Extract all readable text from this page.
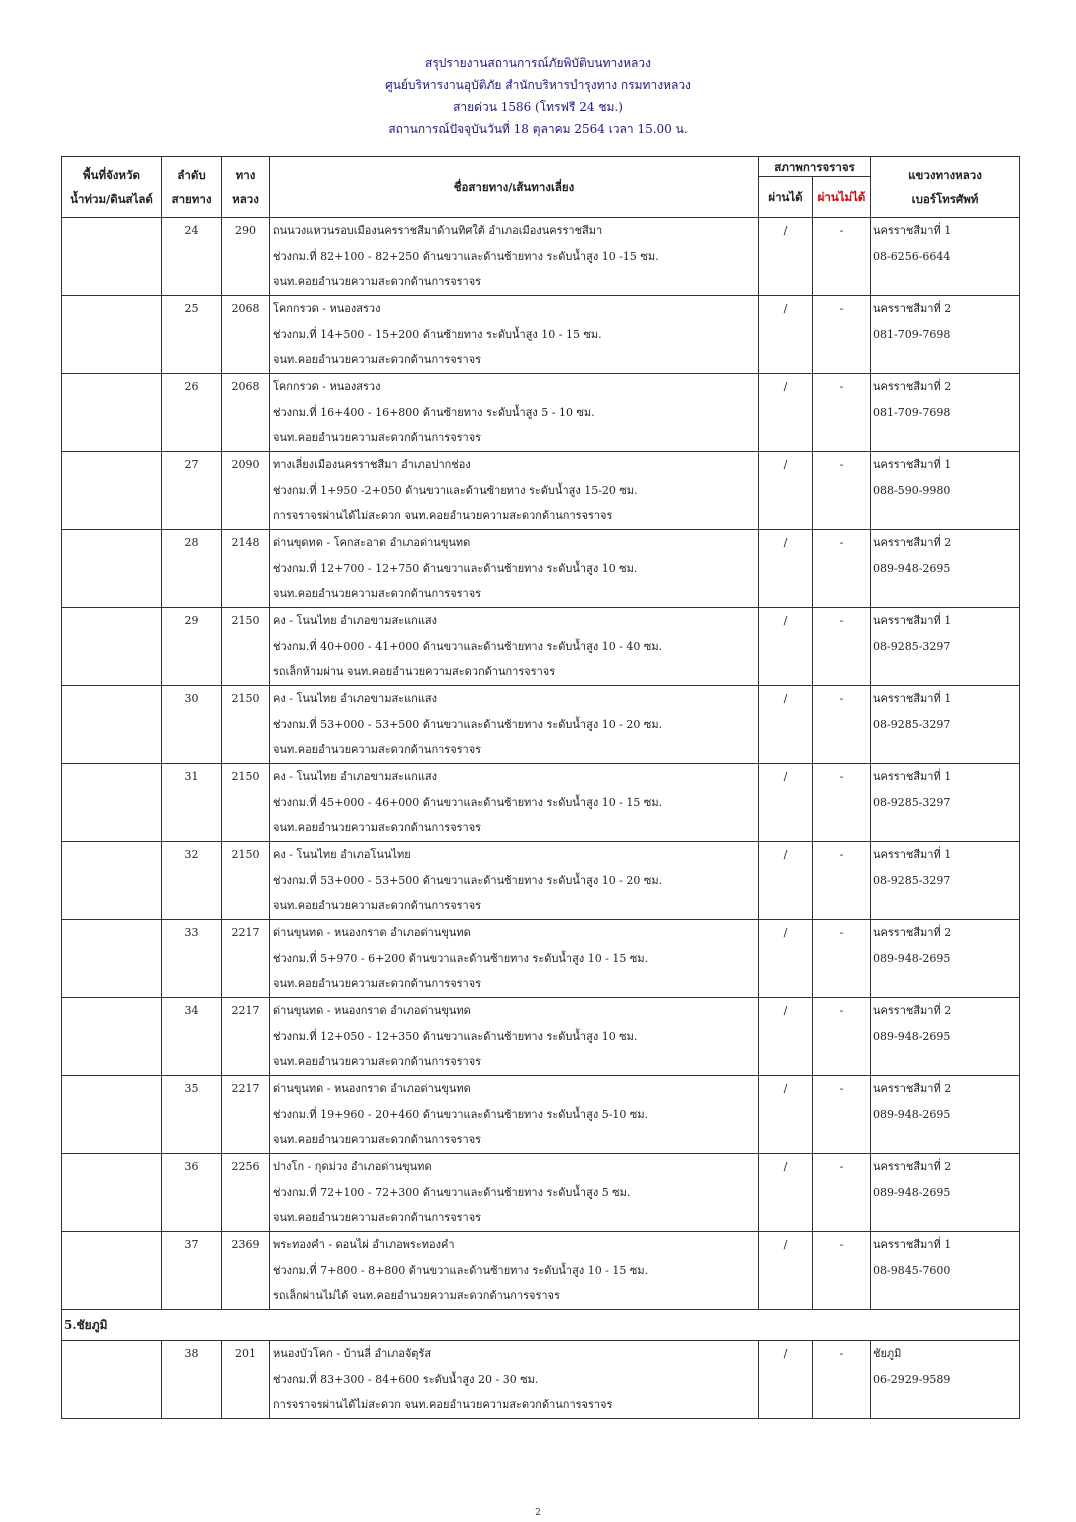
สรุปรายงานสถานการณ์ภัยพิบัติบนทางหลวง
ศูนย์บริหารงานอุบัติภัย สำนักบริหารบำรุงทาง กรมทางหลวง
สายด่วน 1586 (โทรฟรี 24 ชม.)
สถานการณ์ปัจจุบันวันที่ 18 ตุลาคม 2564 เวลา 15.00 น.
พื้นที่จังหวัด
น้ำท่วม/ดินสไลด์	ลำดับ
สายทาง	ทาง
หลวง	ชื่อสายทาง/เส้นทางเลี่ยง	สภาพการจราจร		แขวงทางหลวง
เบอร์โทรศัพท์

				ผ่านได้	ผ่านไม่ได้	

	24	290	ถนนวงแหวนรอบเมืองนครราชสีมาด้านทิศใต้ อำเภอเมืองนครราชสีมา
ช่วงกม.ที่ 82+100 - 82+250 ด้านขวาและด้านซ้ายทาง ระดับน้ำสูง 10 -15 ซม.
จนท.คอยอำนวยความสะดวกด้านการจราจร	/	-	นครราชสีมาที่ 1
08-6256-6644

	25	2068	โคกกรวด - หนองสรวง
ช่วงกม.ที่ 14+500 - 15+200 ด้านซ้ายทาง ระดับน้ำสูง 10 - 15 ซม.
จนท.คอยอำนวยความสะดวกด้านการจราจร	/	-	นครราชสีมาที่ 2
081-709-7698

	26	2068	โคกกรวด - หนองสรวง
ช่วงกม.ที่ 16+400 - 16+800 ด้านซ้ายทาง ระดับน้ำสูง 5 - 10 ซม.
จนท.คอยอำนวยความสะดวกด้านการจราจร	/	-	นครราชสีมาที่ 2
081-709-7698

	27	2090	ทางเลี่ยงเมืองนครราชสีมา อำเภอปากช่อง
ช่วงกม.ที่ 1+950 -2+050 ด้านขวาและด้านซ้ายทาง ระดับน้ำสูง 15-20 ซม.
การจราจรผ่านได้ไม่สะดวก จนท.คอยอำนวยความสะดวกด้านการจราจร	/	-	นครราชสีมาที่ 1
088-590-9980

	28	2148	ด่านขุดทด - โคกสะอาด อำเภอด่านขุนทด
ช่วงกม.ที่ 12+700 - 12+750 ด้านขวาและด้านซ้ายทาง ระดับน้ำสูง 10 ซม.
จนท.คอยอำนวยความสะดวกด้านการจราจร	/	-	นครราชสีมาที่ 2
089-948-2695

	29	2150	คง - โนนไทย อำเภอขามสะแกแสง
ช่วงกม.ที่ 40+000 - 41+000 ด้านขวาและด้านซ้ายทาง ระดับน้ำสูง 10 - 40 ซม.
รถเล็กห้ามผ่าน จนท.คอยอำนวยความสะดวกด้านการจราจร	/	-	นครราชสีมาที่ 1
08-9285-3297

	30	2150	คง - โนนไทย อำเภอขามสะแกแสง
ช่วงกม.ที่ 53+000 - 53+500 ด้านขวาและด้านซ้ายทาง ระดับน้ำสูง 10 - 20 ซม.
จนท.คอยอำนวยความสะดวกด้านการจราจร	/	-	นครราชสีมาที่ 1
08-9285-3297

	31	2150	คง - โนนไทย อำเภอขามสะแกแสง
ช่วงกม.ที่ 45+000 - 46+000 ด้านขวาและด้านซ้ายทาง ระดับน้ำสูง 10 - 15 ซม.
จนท.คอยอำนวยความสะดวกด้านการจราจร	/	-	นครราชสีมาที่ 1
08-9285-3297

	32	2150	คง - โนนไทย อำเภอโนนไทย
ช่วงกม.ที่ 53+000 - 53+500 ด้านขวาและด้านซ้ายทาง ระดับน้ำสูง 10 - 20 ซม.
จนท.คอยอำนวยความสะดวกด้านการจราจร	/	-	นครราชสีมาที่ 1
08-9285-3297

	33	2217	ด่านขุนทด - หนองกราด อำเภอด่านขุนทด
ช่วงกม.ที่ 5+970 - 6+200 ด้านขวาและด้านซ้ายทาง ระดับน้ำสูง 10 - 15 ซม.
จนท.คอยอำนวยความสะดวกด้านการจราจร	/	-	นครราชสีมาที่ 2
089-948-2695

	34	2217	ด่านขุนทด - หนองกราด อำเภอด่านขุนทด
ช่วงกม.ที่ 12+050 - 12+350 ด้านขวาและด้านซ้ายทาง ระดับน้ำสูง 10 ซม.
จนท.คอยอำนวยความสะดวกด้านการจราจร	/	-	นครราชสีมาที่ 2
089-948-2695

	35	2217	ด่านขุนทด - หนองกราด อำเภอด่านขุนทด
ช่วงกม.ที่ 19+960 - 20+460 ด้านขวาและด้านซ้ายทาง ระดับน้ำสูง 5-10 ซม.
จนท.คอยอำนวยความสะดวกด้านการจราจร	/	-	นครราชสีมาที่ 2
089-948-2695

	36	2256	ปางโก - กุดม่วง อำเภอด่านขุนทด
ช่วงกม.ที่ 72+100 - 72+300 ด้านขวาและด้านซ้ายทาง ระดับน้ำสูง 5 ซม.
จนท.คอยอำนวยความสะดวกด้านการจราจร	/	-	นครราชสีมาที่ 2
089-948-2695

	37	2369	พระทองคำ - ดอนไผ่ อำเภอพระทองคำ
ช่วงกม.ที่ 7+800 - 8+800 ด้านขวาและด้านซ้ายทาง ระดับน้ำสูง 10 - 15 ซม.
รถเล็กผ่านไม่ได้ จนท.คอยอำนวยความสะดวกด้านการจราจร	/	-	นครราชสีมาที่ 1
08-9845-7600

5.ชัยภูมิ						

	38	201	หนองบัวโคก - บ้านลี่ อำเภอจัตุรัส
ช่วงกม.ที่ 83+300 - 84+600 ระดับน้ำสูง 20 - 30 ซม.
การจราจรผ่านได้ไม่สะดวก จนท.คอยอำนวยความสะดวกด้านการจราจร	/	-	ชัยภูมิ
06-2929-9589
2
